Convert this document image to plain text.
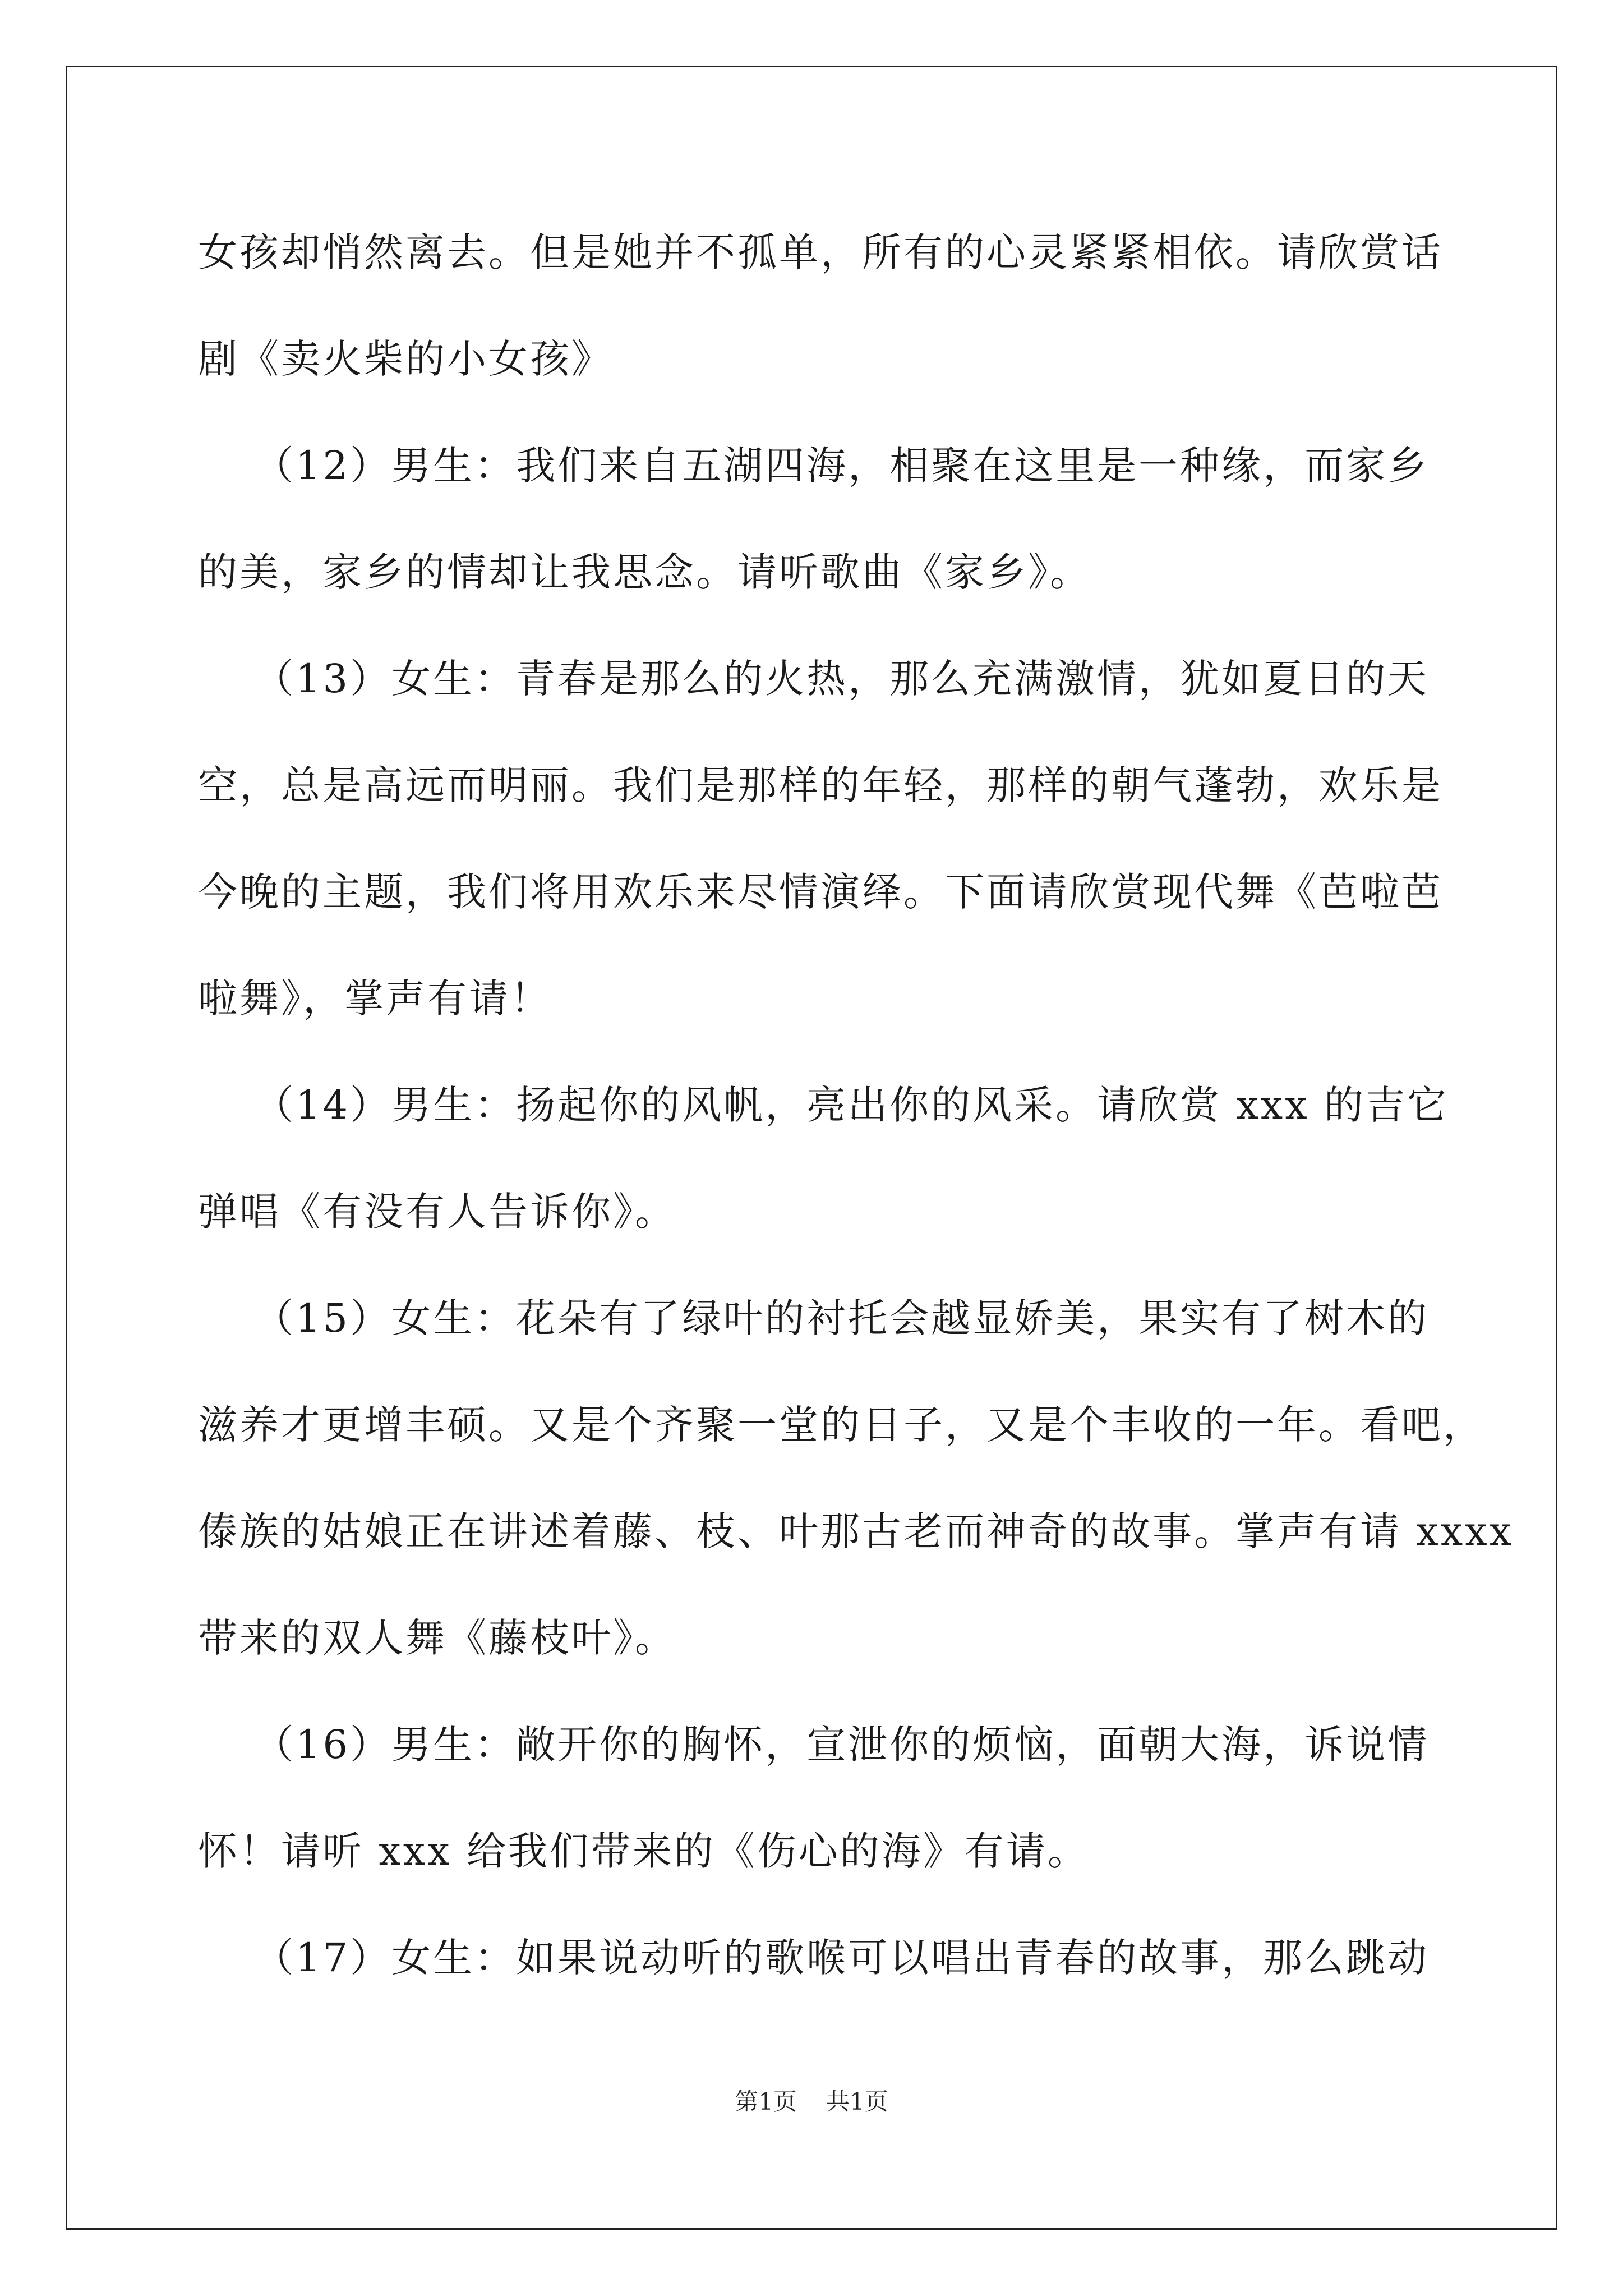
女孩却悄然离去。但是她并不孤单，所有的心灵紧紧相依。请欣赏话
剧《卖火柴的小女孩》
（12）男生：我们来自五湖四海，相聚在这里是一种缘，而家乡
的美，家乡的情却让我思念。请听歌曲《家乡》。
（13）女生：青春是那么的火热，那么充满激情，犹如夏日的天
空，总是高远而明丽。我们是那样的年轻，那样的朝气蓬勃，欢乐是
今晚的主题，我们将用欢乐来尽情演绎。下面请欣赏现代舞《芭啦芭
啦舞》，掌声有请！
（14）男生：扬起你的风帆，亮出你的风采。请欣赏 xxx 的吉它
弹唱《有没有人告诉你》。
（15）女生：花朵有了绿叶的衬托会越显娇美，果实有了树木的
滋养才更增丰硕。又是个齐聚一堂的日子，又是个丰收的一年。看吧，
傣族的姑娘正在讲述着藤、枝、叶那古老而神奇的故事。掌声有请 xxxx
带来的双人舞《藤枝叶》。
（16）男生：敞开你的胸怀，宣泄你的烦恼，面朝大海，诉说情
怀！请听 xxx 给我们带来的《伤心的海》有请。
（17）女生：如果说动听的歌喉可以唱出青春的故事，那么跳动
第1页 共1页
